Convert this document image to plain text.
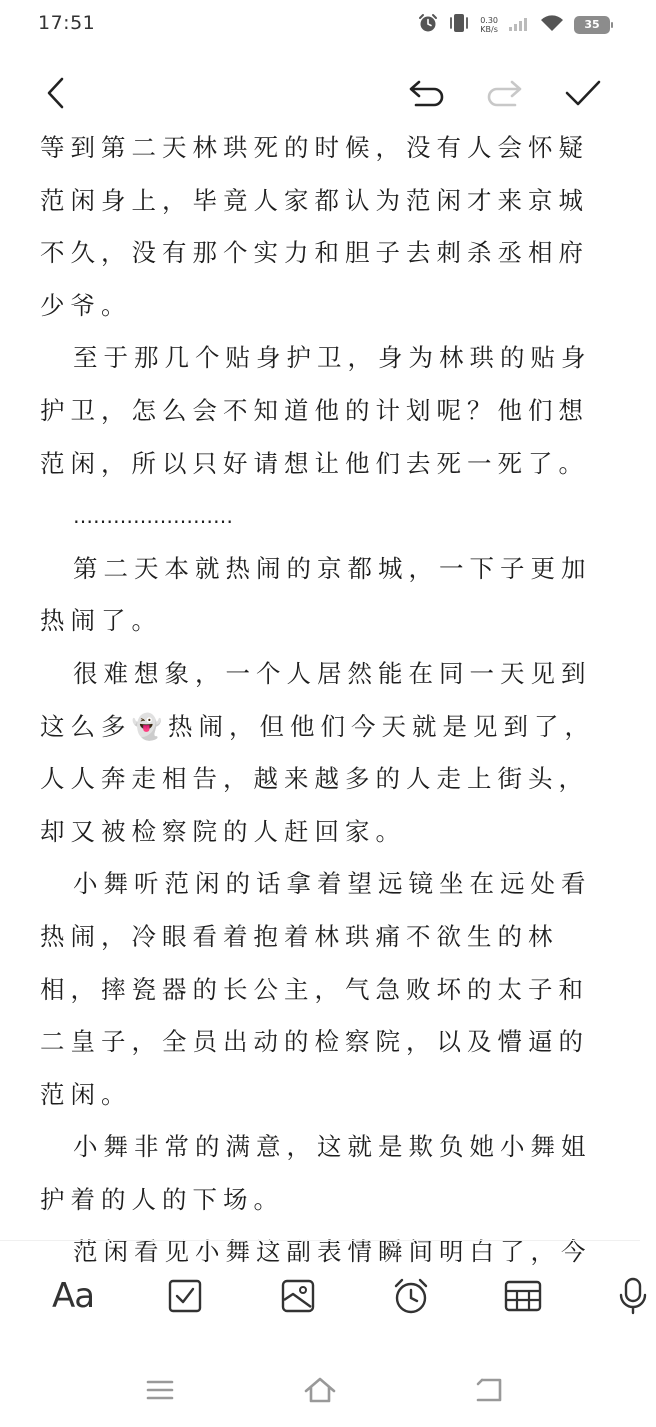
17:51	0.30
KB/s	35

等到第二天林珙死的时候，没有人会怀疑范闲身上，毕竟人家都认为范闲才来京城不久，没有那个实力和胆子去刺杀丞相府少爷。

至于那几个贴身护卫，身为林珙的贴身护卫，怎么会不知道他的计划呢？他们想范闲，所以只好请想让他们去死一死了。

……………………

第二天本就热闹的京都城，一下子更加热闹了。

很难想象，一个人居然能在同一天见到这么多👻热闹，但他们今天就是见到了，人人奔走相告，越来越多的人走上街头，却又被检察院的人赶回家。

小舞听范闲的话拿着望远镜坐在远处看热闹，冷眼看着抱着林珙痛不欲生的林相，摔瓷器的长公主，气急败坏的太子和二皇子，全员出动的检察院，以及懵逼的范闲。

小舞非常的满意，这就是欺负她小舞姐护着的人的下场。

范闲看见小舞这副表情瞬间明白了，今

Aa
